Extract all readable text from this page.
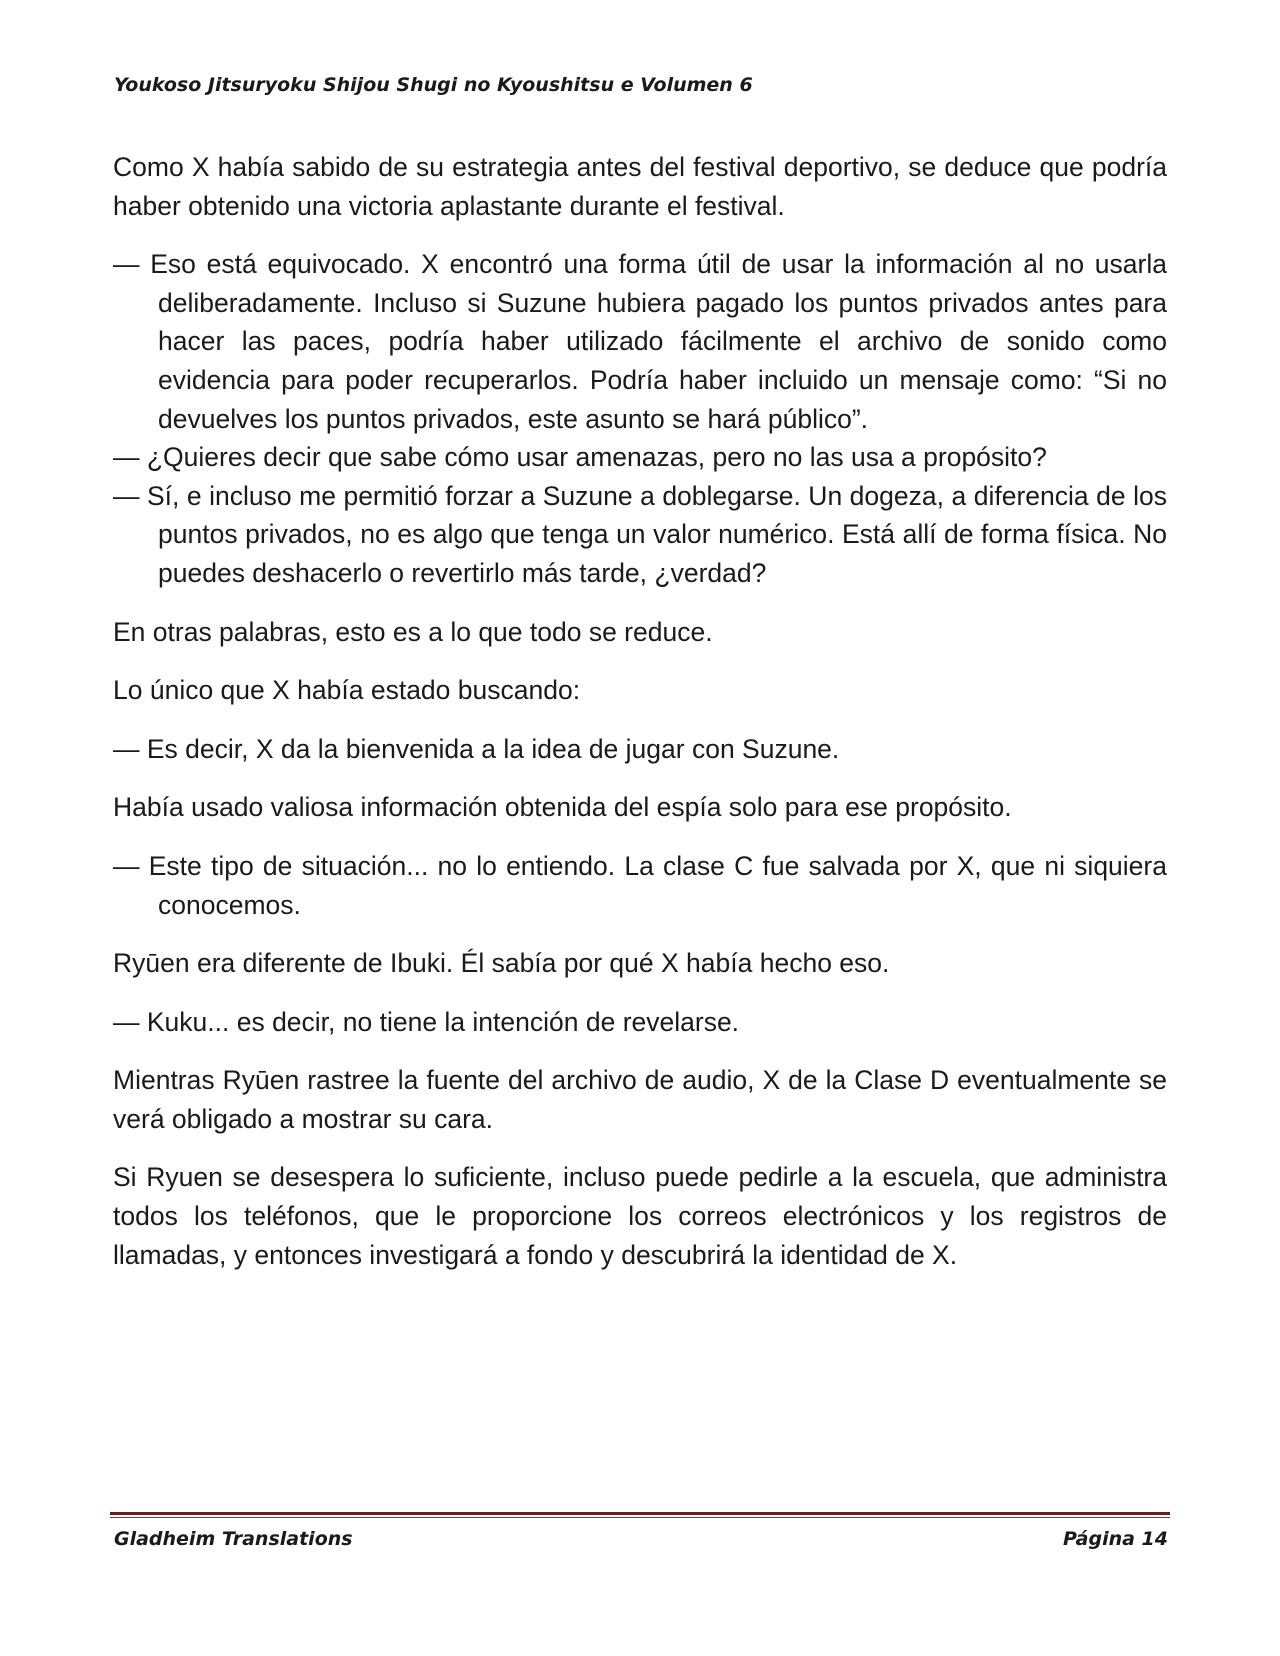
Youkoso Jitsuryoku Shijou Shugi no Kyoushitsu e Volumen 6

Como X había sabido de su estrategia antes del festival deportivo, se deduce que podría haber obtenido una victoria aplastante durante el festival.

— Eso está equivocado. X encontró una forma útil de usar la información al no usarla deliberadamente. Incluso si Suzune hubiera pagado los puntos privados antes para hacer las paces, podría haber utilizado fácilmente el archivo de sonido como evidencia para poder recuperarlos. Podría haber incluido un mensaje como: “Si no devuelves los puntos privados, este asunto se hará público”.

— ¿Quieres decir que sabe cómo usar amenazas, pero no las usa a propósito?

— Sí, e incluso me permitió forzar a Suzune a doblegarse. Un dogeza, a diferencia de los puntos privados, no es algo que tenga un valor numérico. Está allí de forma física. No puedes deshacerlo o revertirlo más tarde, ¿verdad?

En otras palabras, esto es a lo que todo se reduce.

Lo único que X había estado buscando:

— Es decir, X da la bienvenida a la idea de jugar con Suzune.

Había usado valiosa información obtenida del espía solo para ese propósito.

— Este tipo de situación... no lo entiendo. La clase C fue salvada por X, que ni siquiera conocemos.

Ryūen era diferente de Ibuki. Él sabía por qué X había hecho eso.

— Kuku... es decir, no tiene la intención de revelarse.

Mientras Ryūen rastree la fuente del archivo de audio, X de la Clase D eventualmente se verá obligado a mostrar su cara.

Si Ryuen se desespera lo suficiente, incluso puede pedirle a la escuela, que administra todos los teléfonos, que le proporcione los correos electrónicos y los registros de llamadas, y entonces investigará a fondo y descubrirá la identidad de X.

Gladheim Translations	Página 14
